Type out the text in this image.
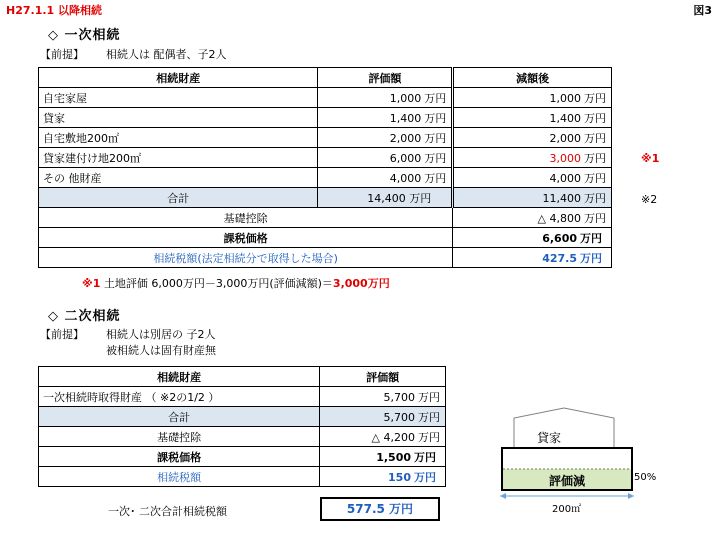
H27.1.1 以降相続	図3
◇ 一次相続
【前提】 相続人は 配偶者、子2人
相続財産	評価額	減額後
自宅家屋	1,000 万円	1,000 万円
貸家	1,400 万円	1,400 万円
自宅敷地200㎡	2,000 万円	2,000 万円
貸家建付け地200㎡	6,000 万円	3,000 万円
その 他財産	4,000 万円	4,000 万円
合計	14,400 万円	11,400 万円
基礎控除		△ 4,800 万円
課税価格		6,600 万円
相続税額(法定相続分で取得した場合)		427.5 万円
※1
※2
※1 土地評価 6,000万円－3,000万円(評価減額)＝3,000万円
◇ 二次相続
【前提】 相続人は別居の 子2人
被相続人は固有財産無
相続財産	評価額
一次相続時取得財産 （ ※2の1/2 ）	5,700 万円
合計	5,700 万円
基礎控除	△ 4,200 万円
課税価格	1,500 万円
相続税額	150 万円
一次･ 二次合計相続税額	577.5 万円
貸家
評価減	50%
200㎡
